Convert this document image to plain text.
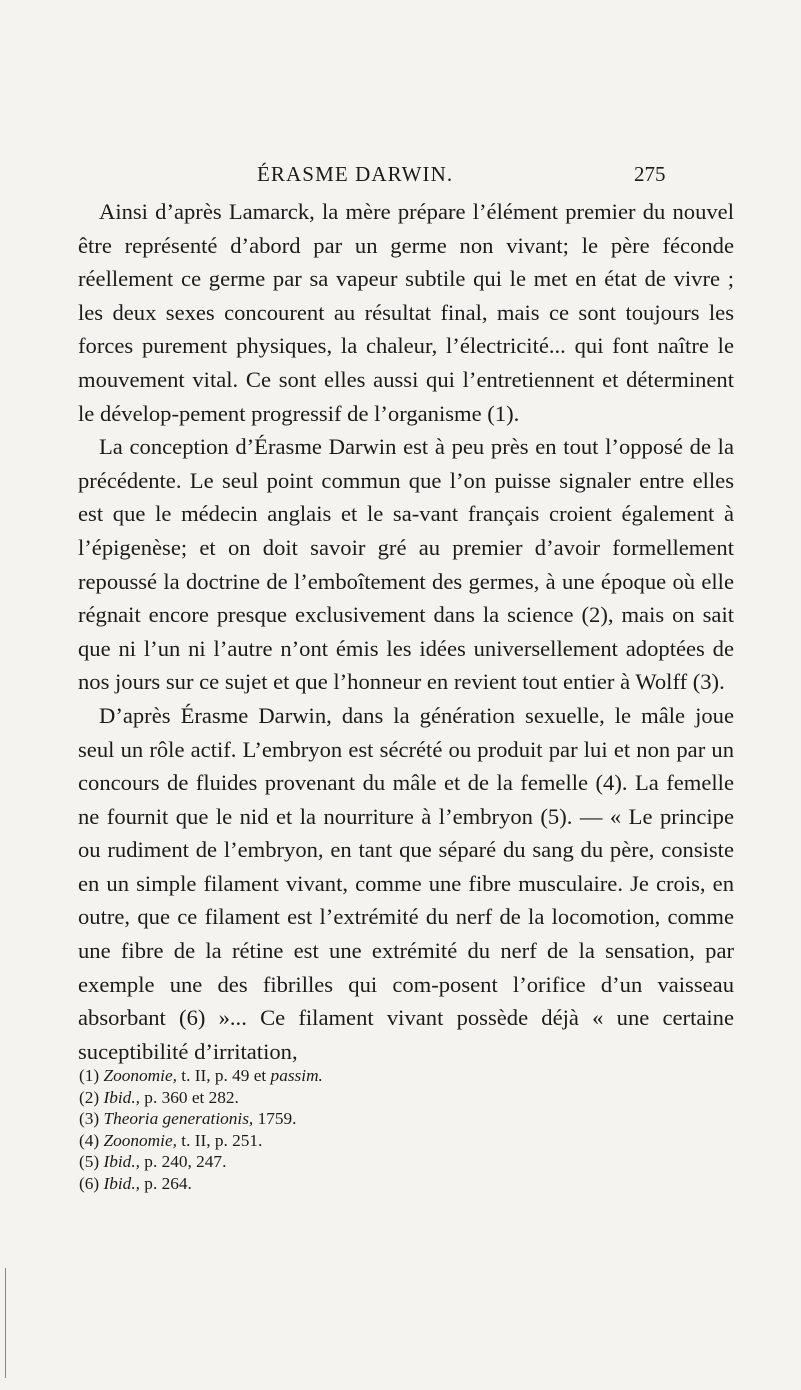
ÉRASME DARWIN.	275

Ainsi d’après Lamarck, la mère prépare l’élément premier du nouvel être représenté d’abord par un germe non vivant; le père féconde réellement ce germe par sa vapeur subtile qui le met en état de vivre ; les deux sexes concourent au résultat final, mais ce sont toujours les forces purement physiques, la chaleur, l’électricité... qui font naître le mouvement vital. Ce sont elles aussi qui l’entretiennent et déterminent le dévelop-pement progressif de l’organisme (1).

La conception d’Érasme Darwin est à peu près en tout l’opposé de la précédente. Le seul point commun que l’on puisse signaler entre elles est que le médecin anglais et le sa-vant français croient également à l’épigenèse; et on doit savoir gré au premier d’avoir formellement repoussé la doctrine de l’emboîtement des germes, à une époque où elle régnait encore presque exclusivement dans la science (2), mais on sait que ni l’un ni l’autre n’ont émis les idées universellement adoptées de nos jours sur ce sujet et que l’honneur en revient tout entier à Wolff (3).

D’après Érasme Darwin, dans la génération sexuelle, le mâle joue seul un rôle actif. L’embryon est sécrété ou produit par lui et non par un concours de fluides provenant du mâle et de la femelle (4). La femelle ne fournit que le nid et la nourriture à l’embryon (5). — « Le principe ou rudiment de l’embryon, en tant que séparé du sang du père, consiste en un simple filament vivant, comme une fibre musculaire. Je crois, en outre, que ce filament est l’extrémité du nerf de la locomotion, comme une fibre de la rétine est une extrémité du nerf de la sensation, par exemple une des fibrilles qui com-posent l’orifice d’un vaisseau absorbant (6) »... Ce filament vivant possède déjà « une certaine suceptibilité d’irritation,

(1) Zoonomie, t. II, p. 49 et passim.
(2) Ibid., p. 360 et 282.
(3) Theoria generationis, 1759.
(4) Zoonomie, t. II, p. 251.
(5) Ibid., p. 240, 247.
(6) Ibid., p. 264.
